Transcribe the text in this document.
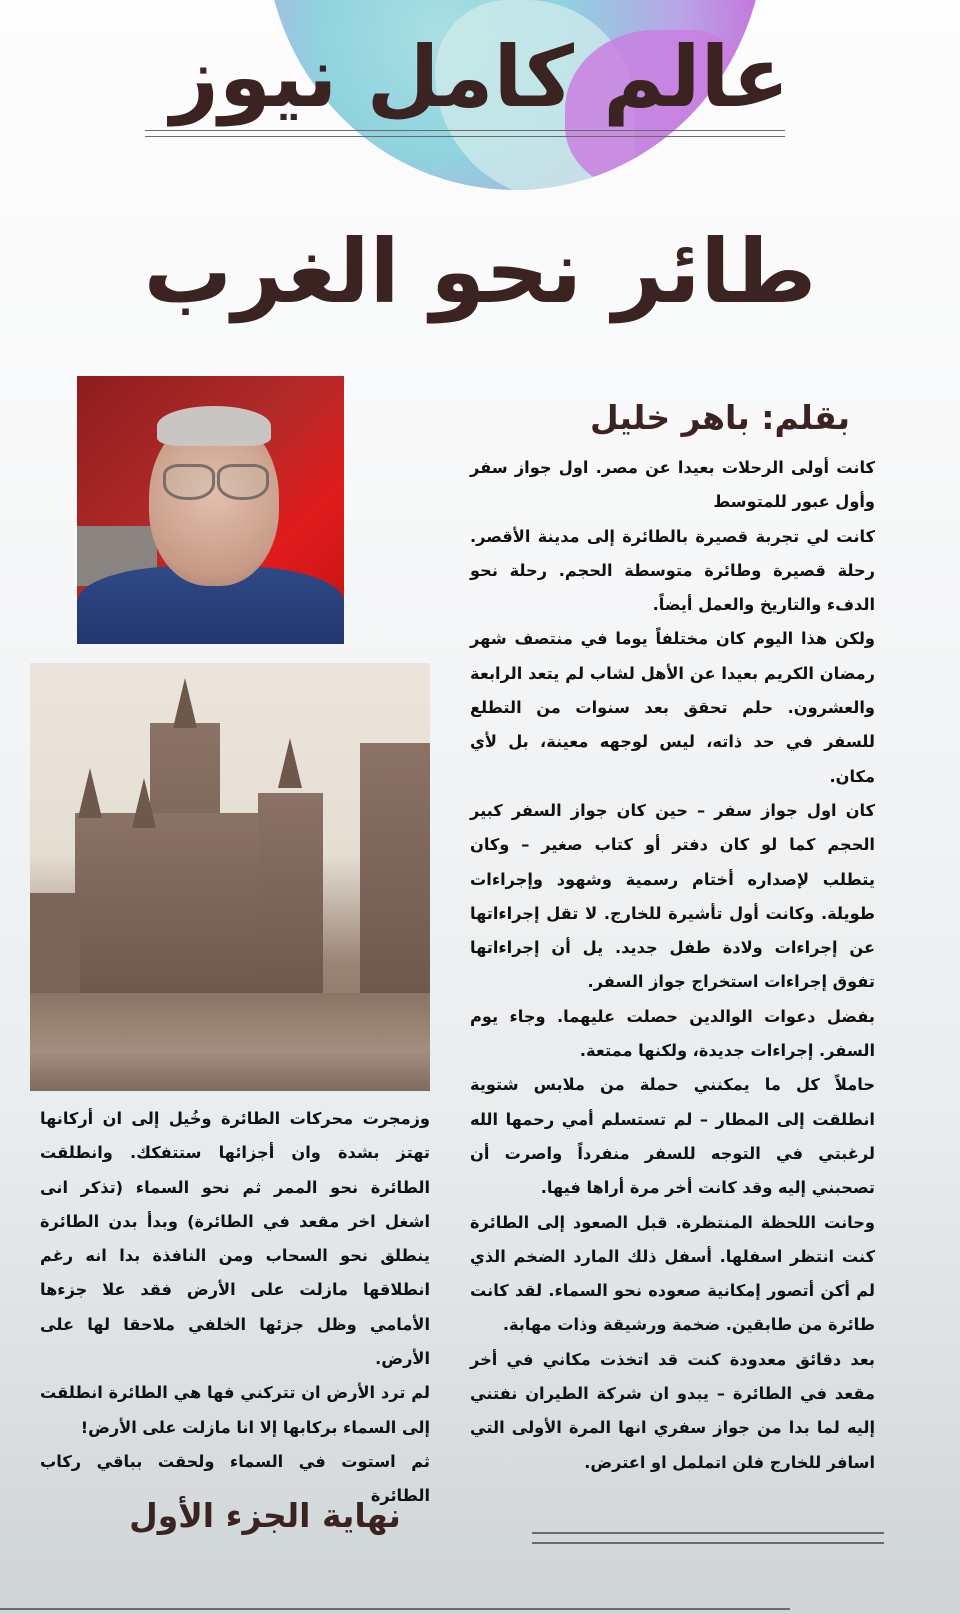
عالم كامل نيوز
طائر نحو الغرب
بقلم: باهر خليل

كانت أولى الرحلات بعيدا عن مصر. اول جواز سفر وأول عبور للمتوسط

كانت لي تجربة قصيرة بالطائرة إلى مدينة الأقصر. رحلة قصيرة وطائرة متوسطة الحجم. رحلة نحو الدفء والتاريخ والعمل أيضاً.

ولكن هذا اليوم كان مختلفاً يوما في منتصف شهر رمضان الكريم بعيدا عن الأهل لشاب لم يتعد الرابعة والعشرون. حلم تحقق بعد سنوات من التطلع للسفر في حد ذاته، ليس لوجهه معينة، بل لأي مكان.

كان اول جواز سفر – حين كان جواز السفر كبير الحجم كما لو كان دفتر أو كتاب صغير – وكان يتطلب لإصداره أختام رسمية وشهود وإجراءات طويلة. وكانت أول تأشيرة للخارج. لا تقل إجراءاتها عن إجراءات ولادة طفل جديد. يل أن إجراءاتها تفوق إجراءات استخراج جواز السفر.

بفضل دعوات الوالدين حصلت عليهما. وجاء يوم السفر. إجراءات جديدة، ولكنها ممتعة.

حاملاً كل ما يمكنني حملة من ملابس شتوية انطلقت إلى المطار – لم تستسلم أمي رحمها الله لرغبتي في التوجه للسفر منفرداً واصرت أن تصحبني إليه وقد كانت أخر مرة أراها فيها.

وحانت اللحظة المنتظرة. قبل الصعود إلى الطائرة كنت انتظر اسفلها. أسفل ذلك المارد الضخم الذي لم أكن أتصور إمكانية صعوده نحو السماء. لقد كانت طائرة من طابقين. ضخمة ورشيقة وذات مهابة.

بعد دقائق معدودة كنت قد اتخذت مكاني في أخر مقعد في الطائرة – يبدو ان شركة الطيران نفتني إليه لما بدا من جواز سفري انها المرة الأولى التي اسافر للخارج فلن اتململ او اعترض.

وزمجرت محركات الطائرة وخُيل إلى ان أركانها تهتز بشدة وان أجزائها ستتفكك. وانطلقت الطائرة نحو الممر ثم نحو السماء (تذكر انى اشغل اخر مقعد في الطائرة) وبدأ بدن الطائرة ينطلق نحو السحاب ومن النافذة بدا انه رغم انطلاقها مازلت على الأرض فقد علا جزءها الأمامي وظل جزئها الخلفي ملاحقا لها على الأرض.

لم ترد الأرض ان تتركني فها هي الطائرة انطلقت إلى السماء بركابها إلا انا مازلت على الأرض!

ثم استوت في السماء ولحقت بباقي ركاب الطائرة

نهاية الجزء الأول
